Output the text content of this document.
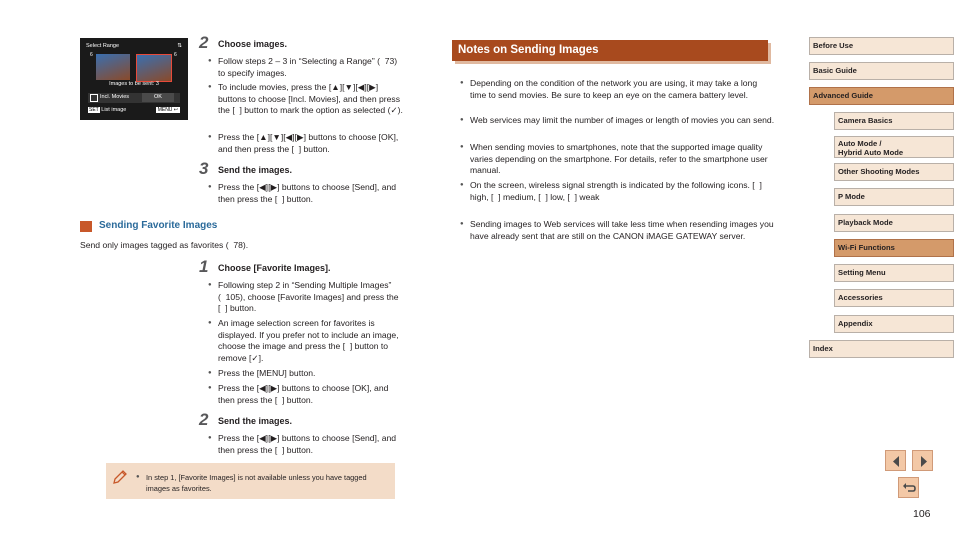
Select Range	⇅
6	6
Images to be sent: 3
Incl. Movies	OK
SET List image	MENU ↩
2 Choose images.
● Follow steps 2 – 3 in “Selecting a Range” (  73) to specify images.
● To include movies, press the [▲][▼][◀][▶] buttons to choose [Incl. Movies], and then press the [  ] button to mark the option as selected (✓).
● Press the [▲][▼][◀][▶] buttons to choose [OK], and then press the [  ] button.
3 Send the images.
● Press the [◀][▶] buttons to choose [Send], and then press the [  ] button.
Sending Favorite Images
Send only images tagged as favorites (  78).
1 Choose [Favorite Images].
● Following step 2 in “Sending Multiple Images” (  105), choose [Favorite Images] and press the [  ] button.
● An image selection screen for favorites is displayed. If you prefer not to include an image, choose the image and press the [  ] button to remove [✓].
● Press the [MENU] button.
● Press the [◀][▶] buttons to choose [OK], and then press the [  ] button.
2 Send the images.
● Press the [◀][▶] buttons to choose [Send], and then press the [  ] button.
● In step 1, [Favorite Images] is not available unless you have tagged images as favorites.
Notes on Sending Images
● Depending on the condition of the network you are using, it may take a long time to send movies. Be sure to keep an eye on the camera battery level.
● Web services may limit the number of images or length of movies you can send.
● When sending movies to smartphones, note that the supported image quality varies depending on the smartphone. For details, refer to the smartphone user manual.
● On the screen, wireless signal strength is indicated by the following icons. [  ] high, [  ] medium, [  ] low, [  ] weak
● Sending images to Web services will take less time when resending images you have already sent that are still on the CANON iMAGE GATEWAY server.
Before Use
Basic Guide
Advanced Guide
Camera Basics
Auto Mode /
Hybrid Auto Mode
Other Shooting Modes
P Mode
Playback Mode
Wi-Fi Functions
Setting Menu
Accessories
Appendix
Index
106
